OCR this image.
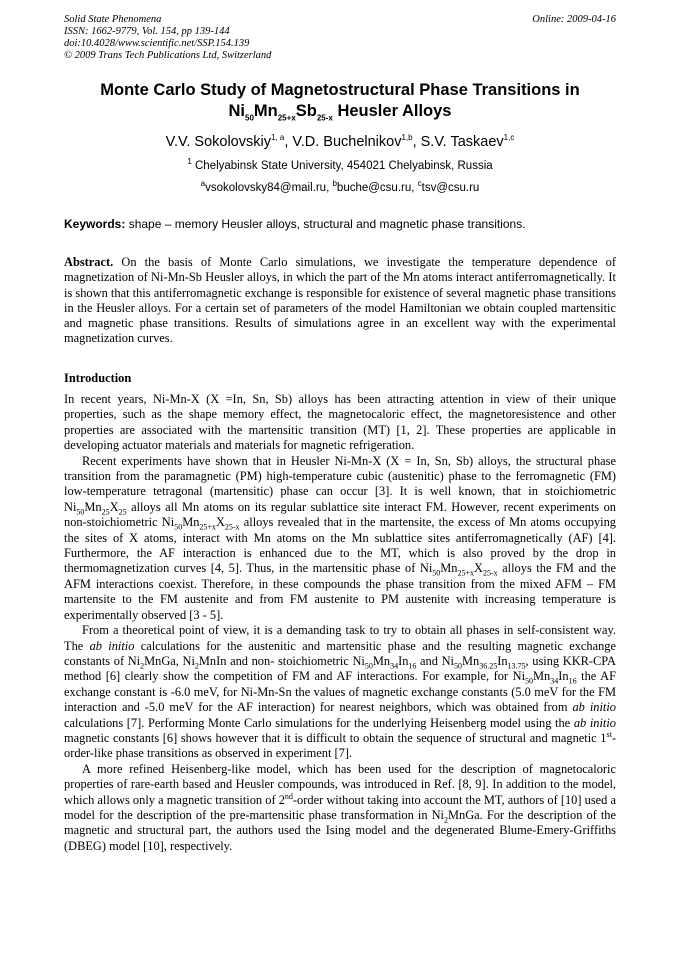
Solid State Phenomena
ISSN: 1662-9779, Vol. 154, pp 139-144
doi:10.4028/www.scientific.net/SSP.154.139
© 2009 Trans Tech Publications Ltd, Switzerland
Online: 2009-04-16
Monte Carlo Study of Magnetostructural Phase Transitions in
$Ni_{50}Mn_{25+x}Sb_{25-x}$ Heusler Alloys
V.V. Sokolovskiy$^{1, a}$, V.D. Buchelnikov$^{1,b}$, S.V. Taskaev$^{1,c}$
$^1$ Chelyabinsk State University, 454021 Chelyabinsk, Russia
$^a$vsokolovsky84@mail.ru, $^b$buche@csu.ru, $^c$tsv@csu.ru
Keywords: shape – memory Heusler alloys, structural and magnetic phase transitions.
Abstract. On the basis of Monte Carlo simulations, we investigate the temperature dependence of magnetization of Ni-Mn-Sb Heusler alloys, in which the part of the Mn atoms interact antiferromagnetically. It is shown that this antiferromagnetic exchange is responsible for existence of several magnetic phase transitions in the Heusler alloys. For a certain set of parameters of the model Hamiltonian we obtain coupled martensitic and magnetic phase transitions. Results of simulations agree in an excellent way with the experimental magnetization curves.
Introduction

In recent years, Ni-Mn-X (X =In, Sn, Sb) alloys has been attracting attention in view of their unique properties, such as the shape memory effect, the magnetocaloric effect, the magnetoresistence and other properties are associated with the martensitic transition (MT) [1, 2]. These properties are applicable in developing actuator materials and materials for magnetic refrigeration.

Recent experiments have shown that in Heusler Ni-Mn-X (X = In, Sn, Sb) alloys, the structural phase transition from the paramagnetic (PM) high-temperature cubic (austenitic) phase to the ferromagnetic (FM) low-temperature tetragonal (martensitic) phase can occur [3]. It is well known, that in stoichiometric $Ni_{50}Mn_{25}X_{25}$ alloys all Mn atoms on its regular sublattice site interact FM. However, recent experiments on non-stoichiometric $Ni_{50}Mn_{25+x}X_{25-x}$ alloys revealed that in the martensite, the excess of Mn atoms occupying the sites of X atoms, interact with Mn atoms on the Mn sublattice sites antiferromagnetically (AF) [4]. Furthermore, the AF interaction is enhanced due to the MT, which is also proved by the drop in thermomagnetization curves [4, 5]. Thus, in the martensitic phase of $Ni_{50}Mn_{25+x}X_{25-x}$ alloys the FM and the AFM interactions coexist. Therefore, in these compounds the phase transition from the mixed AFM – FM martensite to the FM austenite and from FM austenite to PM austenite with increasing temperature is experimentally observed [3 - 5].

From a theoretical point of view, it is a demanding task to try to obtain all phases in self-consistent way. The ab initio calculations for the austenitic and martensitic phase and the resulting magnetic exchange constants of $Ni_2MnGa$, $Ni_2MnIn$ and non- stoichiometric $Ni_{50}Mn_{34}In_{16}$ and $Ni_{50}Mn_{36.25}In_{13.75}$, using KKR-CPA method [6] clearly show the competition of FM and AF interactions. For example, for $Ni_{50}Mn_{34}In_{16}$ the AF exchange constant is -6.0 meV, for Ni-Mn-Sn the values of magnetic exchange constants (5.0 meV for the FM interaction and -5.0 meV for the AF interaction) for nearest neighbors, which was obtained from ab initio calculations [7]. Performing Monte Carlo simulations for the underlying Heisenberg model using the ab initio magnetic constants [6] shows however that it is difficult to obtain the sequence of structural and magnetic 1st-order-like phase transitions as observed in experiment [7].

A more refined Heisenberg-like model, which has been used for the description of magnetocaloric properties of rare-earth based and Heusler compounds, was introduced in Ref. [8, 9]. In addition to the model, which allows only a magnetic transition of 2nd-order without taking into account the MT, authors of [10] used a model for the description of the pre-martensitic phase transformation in $Ni_2MnGa$. For the description of the magnetic and structural part, the authors used the Ising model and the degenerated Blume-Emery-Griffiths (DBEG) model [10], respectively.
